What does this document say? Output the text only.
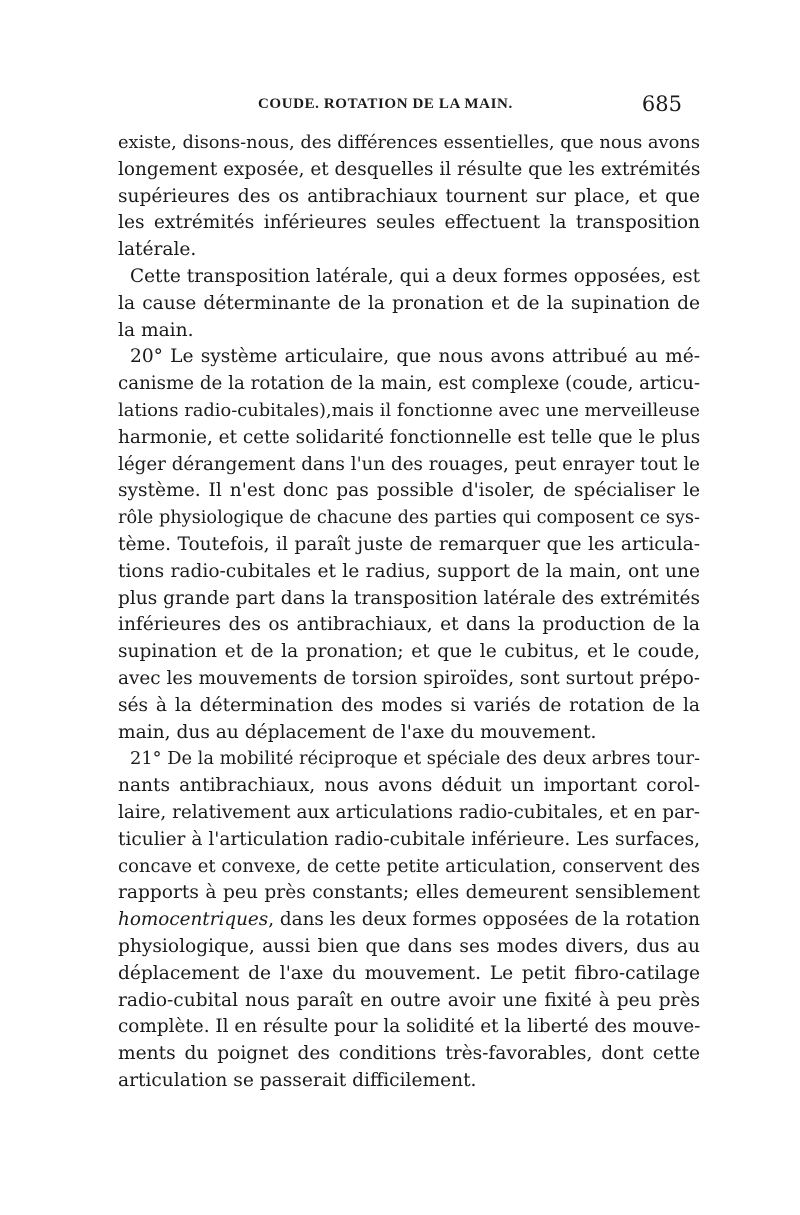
COUDE. ROTATION DE LA MAIN.	685

existe, disons-nous, des différences essentielles, que nous avons
longement exposée, et desquelles il résulte que les extrémités
supérieures des os antibrachiaux tournent sur place, et que
les extrémités inférieures seules effectuent la transposition
latérale.

Cette transposition latérale, qui a deux formes opposées, est
la cause déterminante de la pronation et de la supination de
la main.

20° Le système articulaire, que nous avons attribué au mé-
canisme de la rotation de la main, est complexe (coude, articu-
lations radio-cubitales),mais il fonctionne avec une merveilleuse
harmonie, et cette solidarité fonctionnelle est telle que le plus
léger dérangement dans l'un des rouages, peut enrayer tout le
système. Il n'est donc pas possible d'isoler, de spécialiser le
rôle physiologique de chacune des parties qui composent ce sys-
tème. Toutefois, il paraît juste de remarquer que les articula-
tions radio-cubitales et le radius, support de la main, ont une
plus grande part dans la transposition latérale des extrémités
inférieures des os antibrachiaux, et dans la production de la
supination et de la pronation; et que le cubitus, et le coude,
avec les mouvements de torsion spiroïdes, sont surtout prépo-
sés à la détermination des modes si variés de rotation de la
main, dus au déplacement de l'axe du mouvement.

21° De la mobilité réciproque et spéciale des deux arbres tour-
nants antibrachiaux, nous avons déduit un important corol-
laire, relativement aux articulations radio-cubitales, et en par-
ticulier à l'articulation radio-cubitale inférieure. Les surfaces,
concave et convexe, de cette petite articulation, conservent des
rapports à peu près constants; elles demeurent sensiblement
homocentriques, dans les deux formes opposées de la rotation
physiologique, aussi bien que dans ses modes divers, dus au
déplacement de l'axe du mouvement. Le petit fibro-catilage
radio-cubital nous paraît en outre avoir une fixité à peu près
complète. Il en résulte pour la solidité et la liberté des mouve-
ments du poignet des conditions très-favorables, dont cette
articulation se passerait difficilement.
